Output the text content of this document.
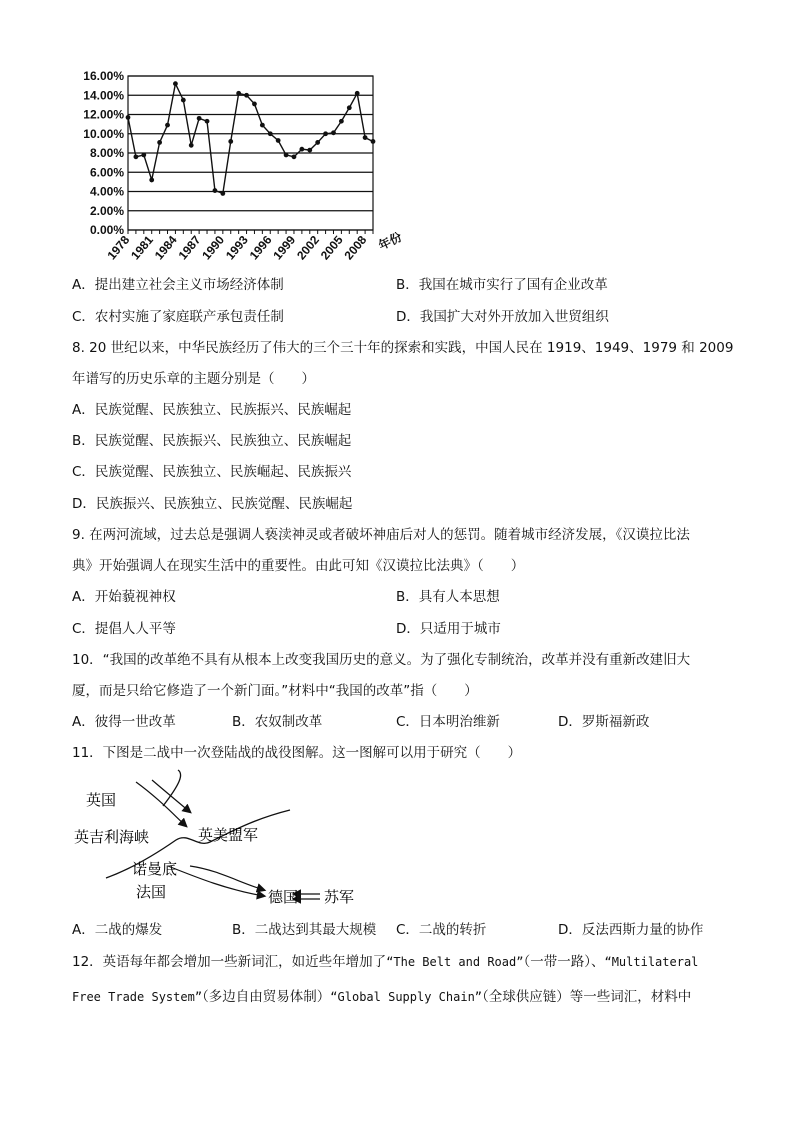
16.00%
14.00%
12.00%
10.00%
8.00%
6.00%
4.00%
2.00%
0.00%
1978
1981
1984
1987
1990
1993
1996
1999
2002
2005
2008 年份
A．提出建立社会主义市场经济体制	B．我国在城市实行了国有企业改革
C．农村实施了家庭联产承包责任制	D．我国扩大对外开放加入世贸组织
8. 20 世纪以来，中华民族经历了伟大的三个三十年的探索和实践，中国人民在 1919、1949、1979 和 2009
年谱写的历史乐章的主题分别是（　　）
A．民族觉醒、民族独立、民族振兴、民族崛起
B．民族觉醒、民族振兴、民族独立、民族崛起
C．民族觉醒、民族独立、民族崛起、民族振兴
D．民族振兴、民族独立、民族觉醒、民族崛起
9. 在两河流域，过去总是强调人亵渎神灵或者破坏神庙后对人的惩罚。随着城市经济发展，《汉谟拉比法
典》开始强调人在现实生活中的重要性。由此可知《汉谟拉比法典》（　　）
A．开始藐视神权	B．具有人本思想
C．提倡人人平等	D．只适用于城市
10．“我国的改革绝不具有从根本上改变我国历史的意义。为了强化专制统治，改革并没有重新改建旧大
厦，而是只给它修造了一个新门面。”材料中“我国的改革”指（　　）
A．彼得一世改革	B．农奴制改革	C．日本明治维新	D．罗斯福新政
11．下图是二战中一次登陆战的战役图解。这一图解可以用于研究（　　）
英国
英美盟军
英吉利海峡
诺曼底
法国	德国 苏军
A．二战的爆发	B．二战达到其最大规模 C．二战的转折	D．反法西斯力量的协作
12．英语每年都会增加一些新词汇，如近些年增加了“The Belt and Road”（一带一路）、“Multilateral
Free Trade System”（多边自由贸易体制）“Global Supply Chain”（全球供应链）等一些词汇，材料中
